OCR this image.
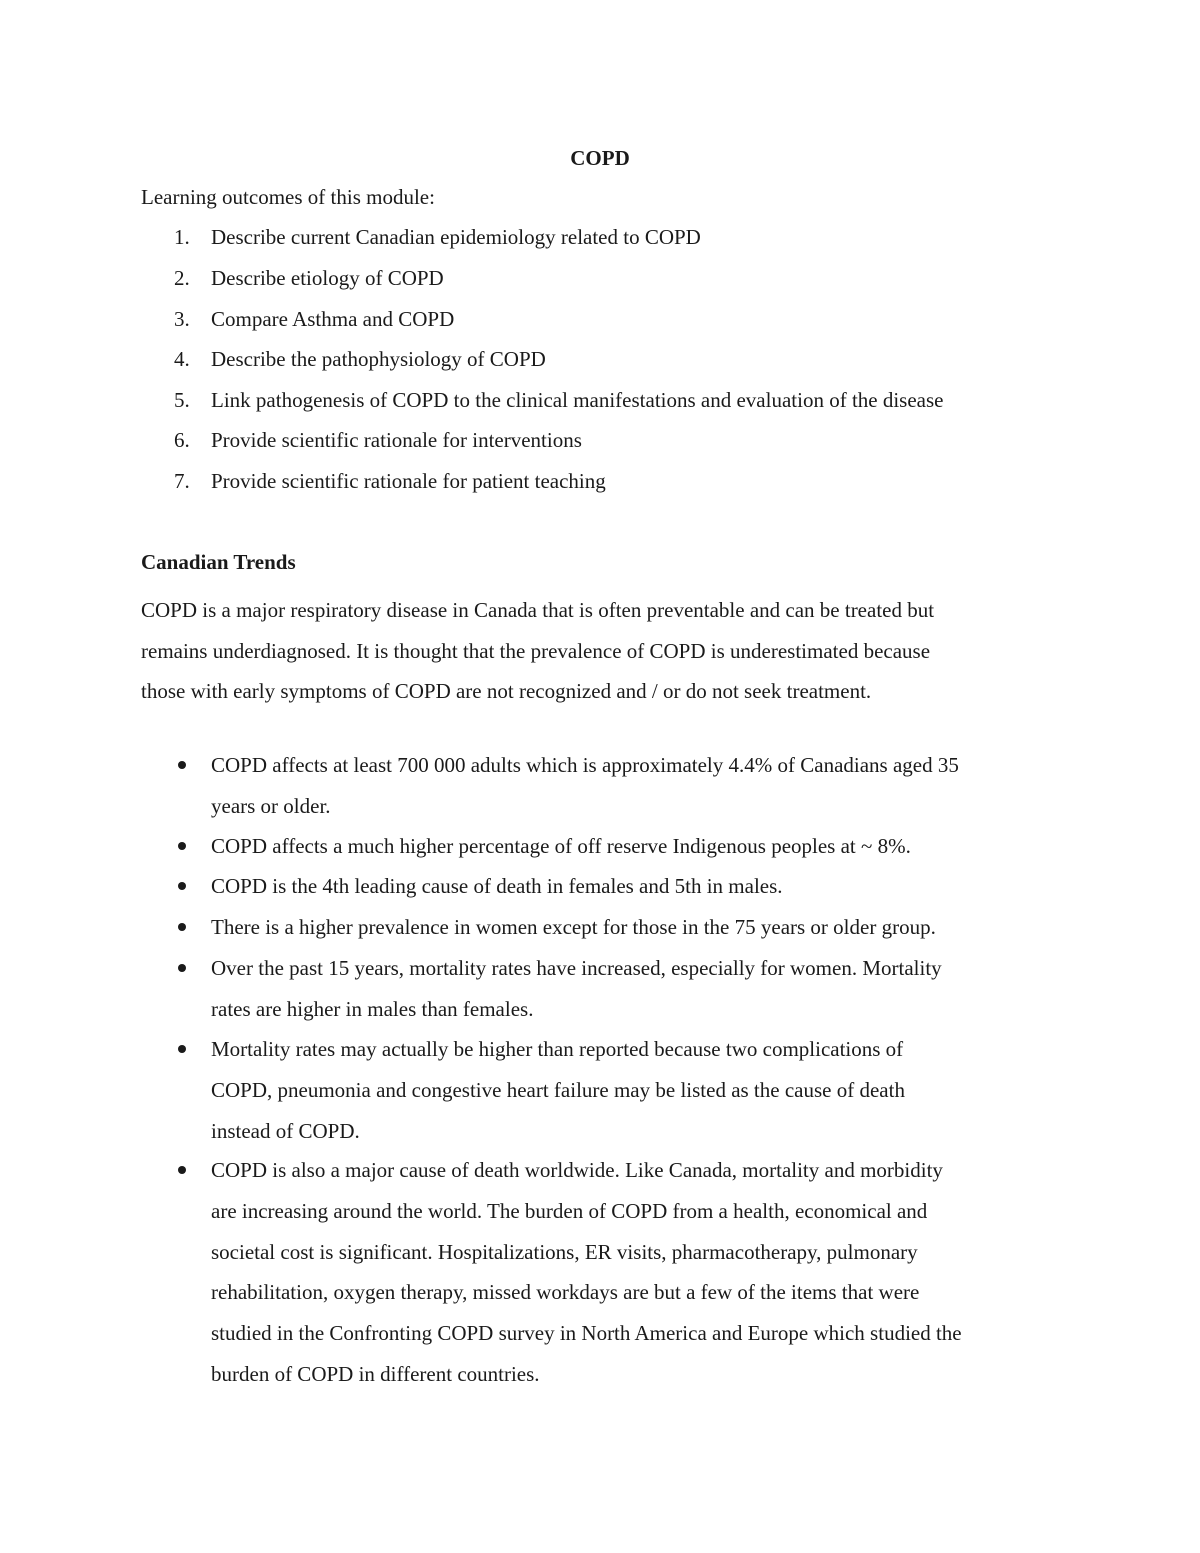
COPD
Learning outcomes of this module:
1.	Describe current Canadian epidemiology related to COPD
2.	Describe etiology of COPD
3.	Compare Asthma and COPD
4.	Describe the pathophysiology of COPD
5.	Link pathogenesis of COPD to the clinical manifestations and evaluation of the disease
6.	Provide scientific rationale for interventions
7.	Provide scientific rationale for patient teaching
Canadian Trends

COPD is a major respiratory disease in Canada that is often preventable and can be treated but
remains underdiagnosed. It is thought that the prevalence of COPD is underestimated because
those with early symptoms of COPD are not recognized and / or do not seek treatment.

COPD affects at least 700 000 adults which is approximately 4.4% of Canadians aged 35
years or older.
COPD affects a much higher percentage of off reserve Indigenous peoples at ~ 8%.
COPD is the 4th leading cause of death in females and 5th in males.
There is a higher prevalence in women except for those in the 75 years or older group.
Over the past 15 years, mortality rates have increased, especially for women. Mortality
rates are higher in males than females.
Mortality rates may actually be higher than reported because two complications of
COPD, pneumonia and congestive heart failure may be listed as the cause of death
instead of COPD.
COPD is also a major cause of death worldwide. Like Canada, mortality and morbidity
are increasing around the world. The burden of COPD from a health, economical and
societal cost is significant. Hospitalizations, ER visits, pharmacotherapy, pulmonary
rehabilitation, oxygen therapy, missed workdays are but a few of the items that were
studied in the Confronting COPD survey in North America and Europe which studied the
burden of COPD in different countries.
